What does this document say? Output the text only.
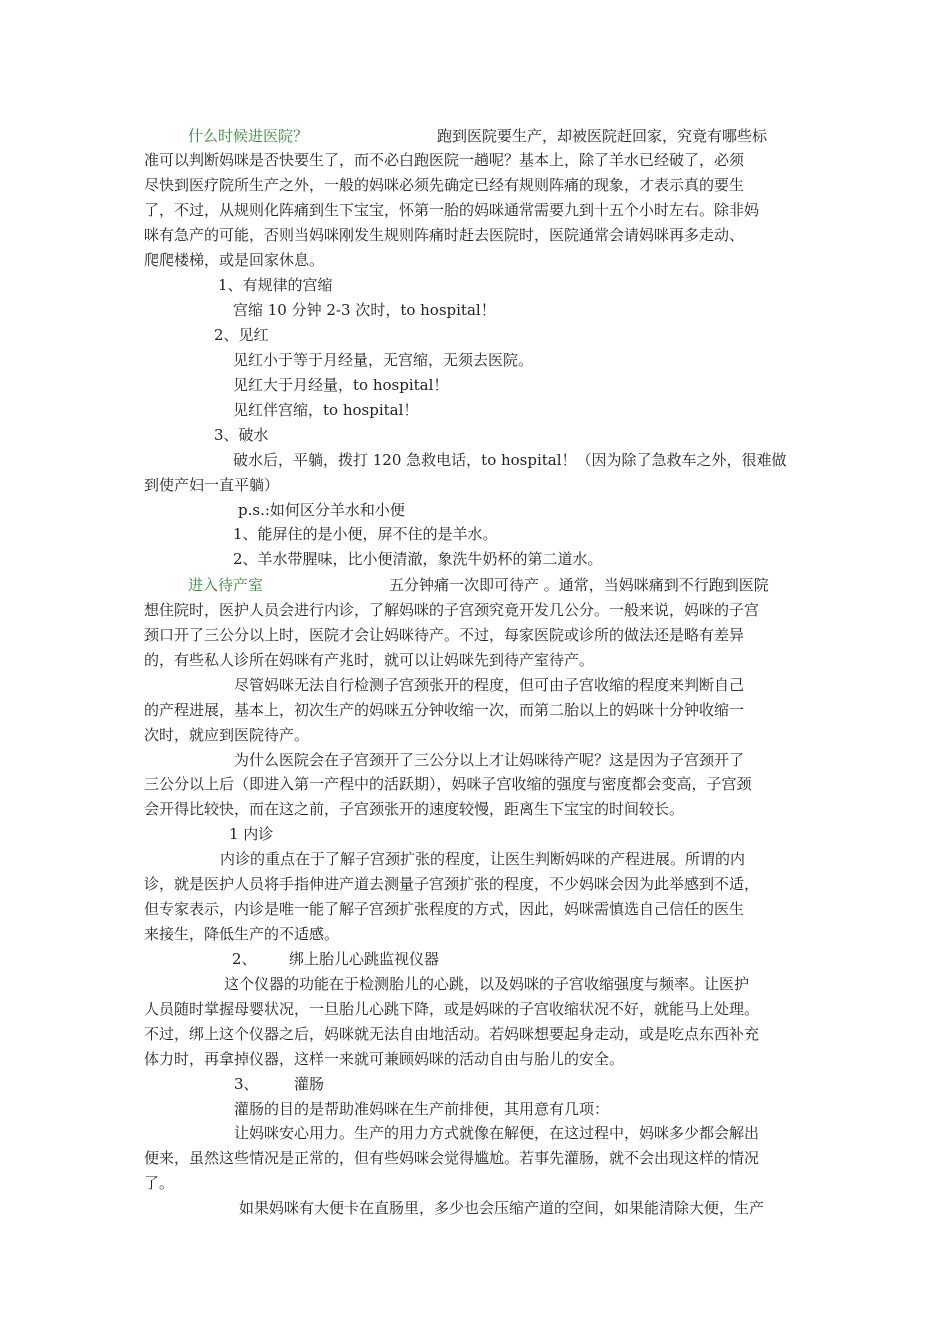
什么时候进医院？	跑到医院要生产，却被医院赶回家，究竟有哪些标
准可以判断妈咪是否快要生了，而不必白跑医院一趟呢？基本上，除了羊水已经破了，必须
尽快到医疗院所生产之外，一般的妈咪必须先确定已经有规则阵痛的现象，才表示真的要生
了，不过，从规则化阵痛到生下宝宝，怀第一胎的妈咪通常需要九到十五个小时左右。除非妈
咪有急产的可能，否则当妈咪刚发生规则阵痛时赶去医院时，医院通常会请妈咪再多走动、
爬爬楼梯，或是回家休息。
1、有规律的宫缩
宫缩 10 分钟 2-3 次时，to hospital！
2、见红
见红小于等于月经量，无宫缩，无须去医院。
见红大于月经量，to hospital！
见红伴宫缩，to hospital！
3、破水
破水后，平躺，拨打 120 急救电话，to hospital！（因为除了急救车之外，很难做
到使产妇一直平躺）
p.s.:如何区分羊水和小便
1、能屏住的是小便，屏不住的是羊水。
2、羊水带腥味，比小便清澈，象洗牛奶杯的第二道水。
进入待产室	五分钟痛一次即可待产 。通常，当妈咪痛到不行跑到医院
想住院时，医护人员会进行内诊，了解妈咪的子宫颈究竟开发几公分。一般来说，妈咪的子宫
颈口开了三公分以上时，医院才会让妈咪待产。不过，每家医院或诊所的做法还是略有差异
的，有些私人诊所在妈咪有产兆时，就可以让妈咪先到待产室待产。
尽管妈咪无法自行检测子宫颈张开的程度，但可由子宫收缩的程度来判断自己
的产程进展，基本上，初次生产的妈咪五分钟收缩一次，而第二胎以上的妈咪十分钟收缩一
次时，就应到医院待产。
为什么医院会在子宫颈开了三公分以上才让妈咪待产呢？这是因为子宫颈开了
三公分以上后（即进入第一产程中的活跃期），妈咪子宫收缩的强度与密度都会变高，子宫颈
会开得比较快，而在这之前，子宫颈张开的速度较慢，距离生下宝宝的时间较长。
1 内诊
内诊的重点在于了解子宫颈扩张的程度，让医生判断妈咪的产程进展。所谓的内
诊，就是医护人员将手指伸进产道去测量子宫颈扩张的程度，不少妈咪会因为此举感到不适，
但专家表示，内诊是唯一能了解子宫颈扩张程度的方式，因此，妈咪需慎选自己信任的医生
来接生，降低生产的不适感。
2、 绑上胎儿心跳监视仪器
这个仪器的功能在于检测胎儿的心跳，以及妈咪的子宫收缩强度与频率。让医护
人员随时掌握母婴状况，一旦胎儿心跳下降，或是妈咪的子宫收缩状况不好，就能马上处理。
不过，绑上这个仪器之后，妈咪就无法自由地活动。若妈咪想要起身走动，或是吃点东西补充
体力时，再拿掉仪器，这样一来就可兼顾妈咪的活动自由与胎儿的安全。
3、 灌肠
灌肠的目的是帮助准妈咪在生产前排便，其用意有几项：
让妈咪安心用力。生产的用力方式就像在解便，在这过程中，妈咪多少都会解出
便来，虽然这些情况是正常的，但有些妈咪会觉得尴尬。若事先灌肠，就不会出现这样的情况
了。
如果妈咪有大便卡在直肠里，多少也会压缩产道的空间，如果能清除大便，生产
